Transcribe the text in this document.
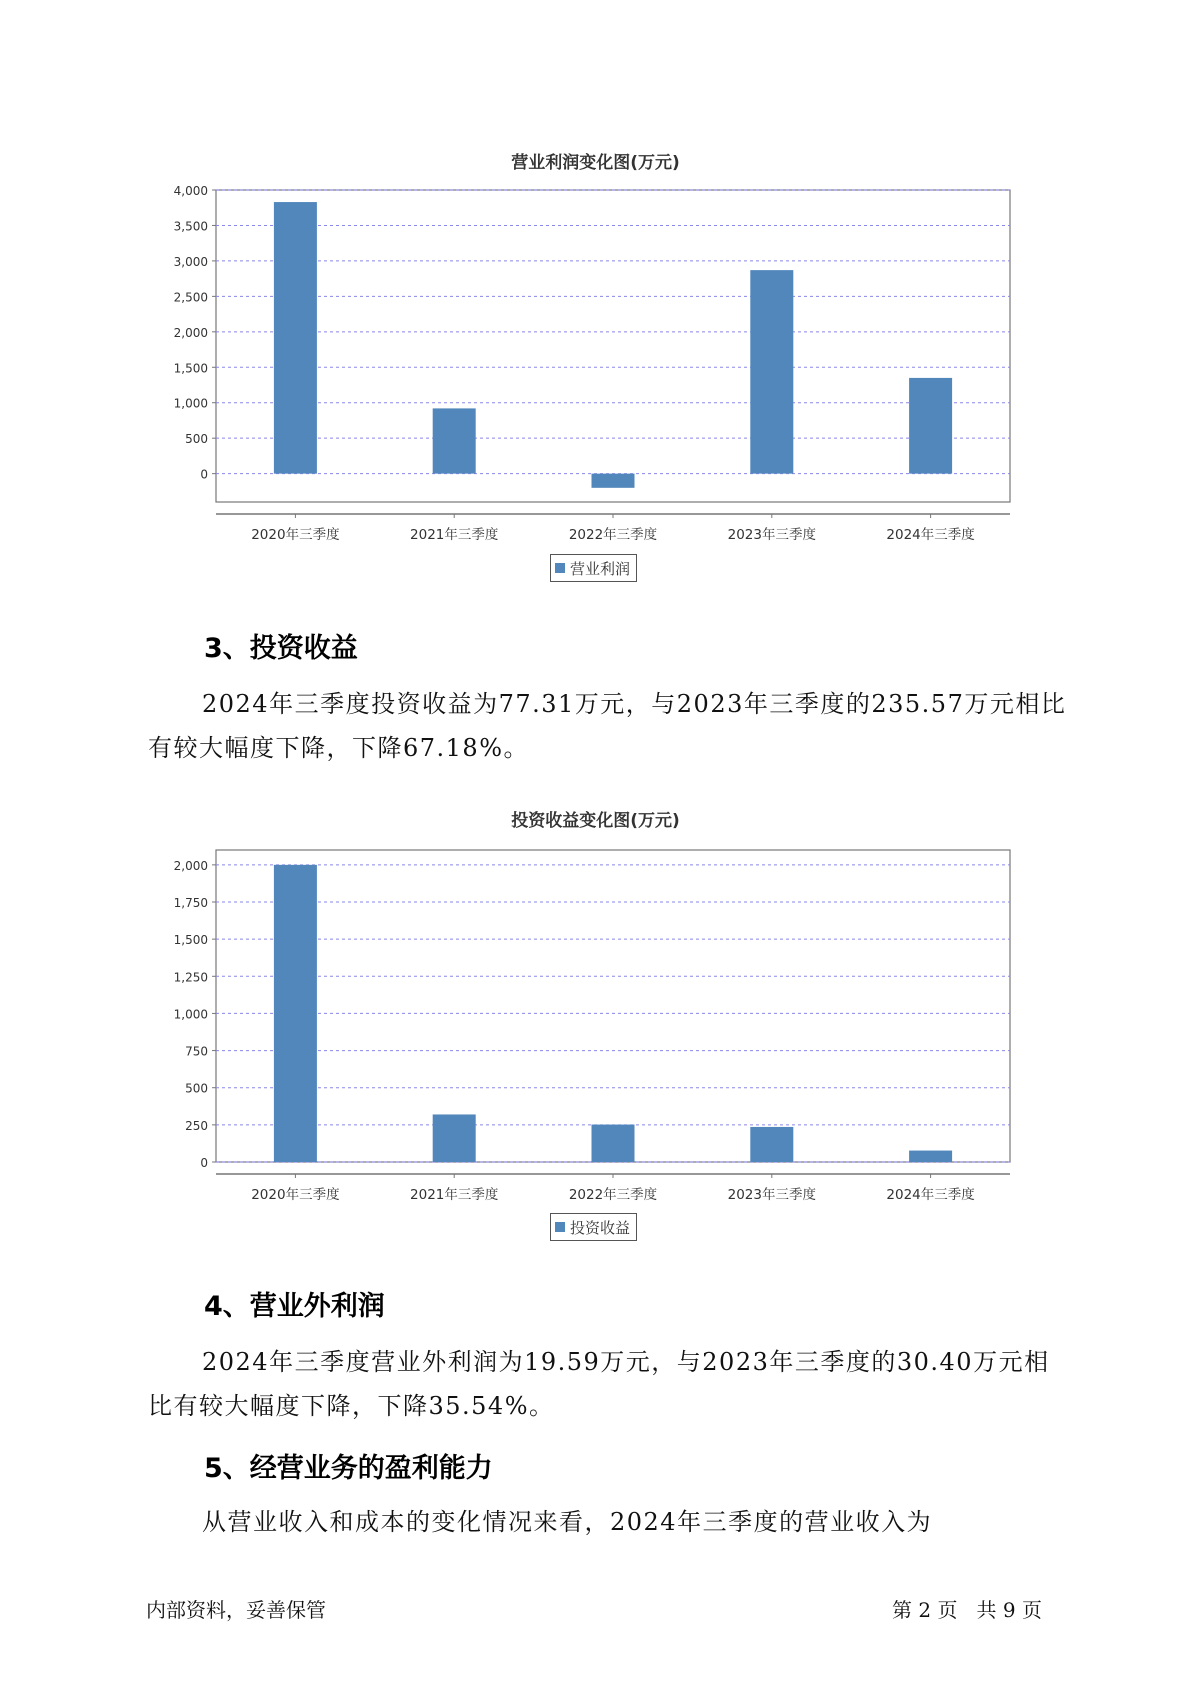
营业利润变化图(万元)
0
500
1,000
1,500
2,000
2,500
3,000
3,500
4,000
2020年三季度	2021年三季度	2022年三季度	2023年三季度	2024年三季度
营业利润
3、投资收益
2024年三季度投资收益为77.31万元，与2023年三季度的235.57万元相比有较大幅度下降，下降67.18%。
投资收益变化图(万元)
0
250
500
750
1,000
1,250
1,500
1,750
2,000
2020年三季度	2021年三季度	2022年三季度	2023年三季度	2024年三季度
投资收益
4、营业外利润
2024年三季度营业外利润为19.59万元，与2023年三季度的30.40万元相比有较大幅度下降，下降35.54%。
5、经营业务的盈利能力
从营业收入和成本的变化情况来看，2024年三季度的营业收入为
内部资料，妥善保管	第 2 页   共 9 页
